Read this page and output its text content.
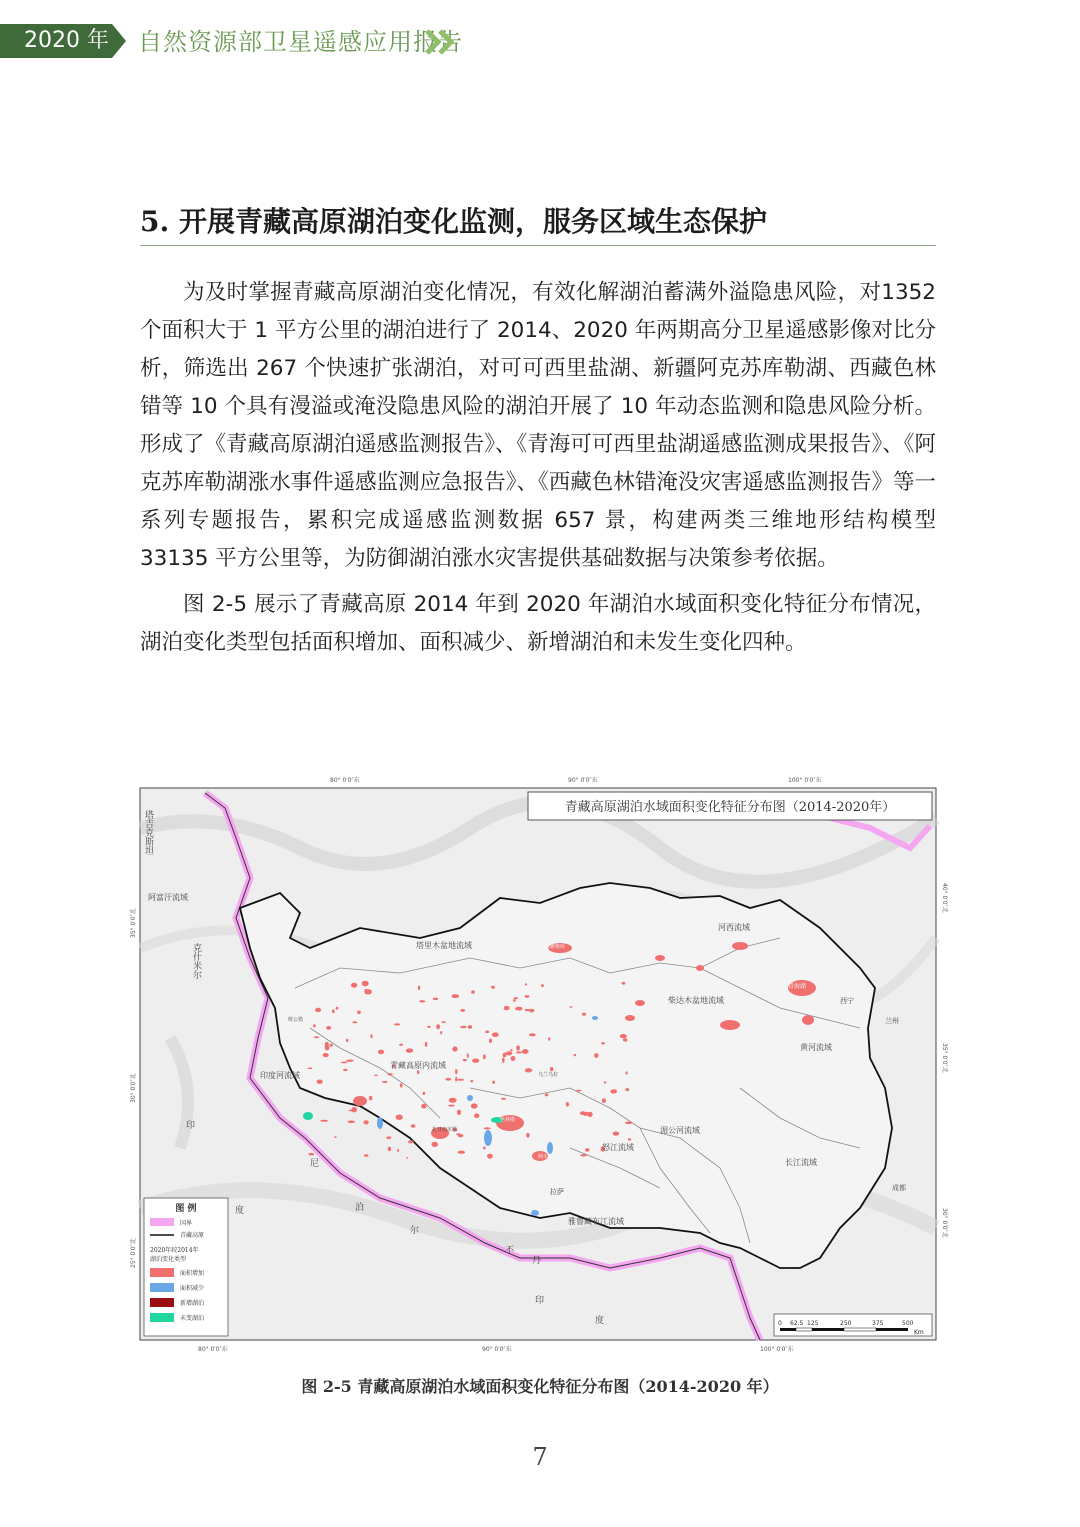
2020 年 自然资源部卫星遥感应用报告
5. 开展青藏高原湖泊变化监测，服务区域生态保护

为及时掌握青藏高原湖泊变化情况，有效化解湖泊蓄满外溢隐患风险，对1352 个面积大于 1 平方公里的湖泊进行了 2014、2020 年两期高分卫星遥感影像对比分析，筛选出 267 个快速扩张湖泊，对可可西里盐湖、新疆阿克苏库勒湖、西藏色林错等 10 个具有漫溢或淹没隐患风险的湖泊开展了 10 年动态监测和隐患风险分析。形成了《青藏高原湖泊遥感监测报告》、《青海可可西里盐湖遥感监测成果报告》、《阿克苏库勒湖涨水事件遥感监测应急报告》、《西藏色林错淹没灾害遥感监测报告》等一系列专题报告，累积完成遥感监测数据 657 景，构建两类三维地形结构模型 33135 平方公里等，为防御湖泊涨水灾害提供基础数据与决策参考依据。

图 2-5 展示了青藏高原 2014 年到 2020 年湖泊水域面积变化特征分布情况，湖泊变化类型包括面积增加、面积减少、新增湖泊和未发生变化四种。

80° 0′0″东	90° 0′0″东	100° 0′0″东
塔吉克斯坦
阿富汗流域
克什米尔	塔里木盆地流域
河西流域
柴达木盆地流域
青海湖
西宁
兰州
青藏高原内流域
黄河流域
印度河流域
印
度
尼
泊
尔
不
丹
印
度
湄公河流域
怒江流域
长江流域
成都
拉萨
雅鲁藏布江流域
阿雅格库
班公错
色林错
扎日南木错
纳木错
乌兰乌拉
青藏高原湖泊水域面积变化特征分布图（2014-2020年）
图 例
国界
青藏高原
2020年较2014年
湖泊变化类型
面积增加
面积减少
新增湖泊
未变湖泊
0 62.5 125	250	375	500
Km
35° 0′0″北
30° 0′0″北
25° 0′0″北
40° 0′0″北
35° 0′0″北
30° 0′0″北
80° 0′0″东	90° 0′0″东	100° 0′0″东
图 2-5 青藏高原湖泊水域面积变化特征分布图（2014-2020 年）
7
